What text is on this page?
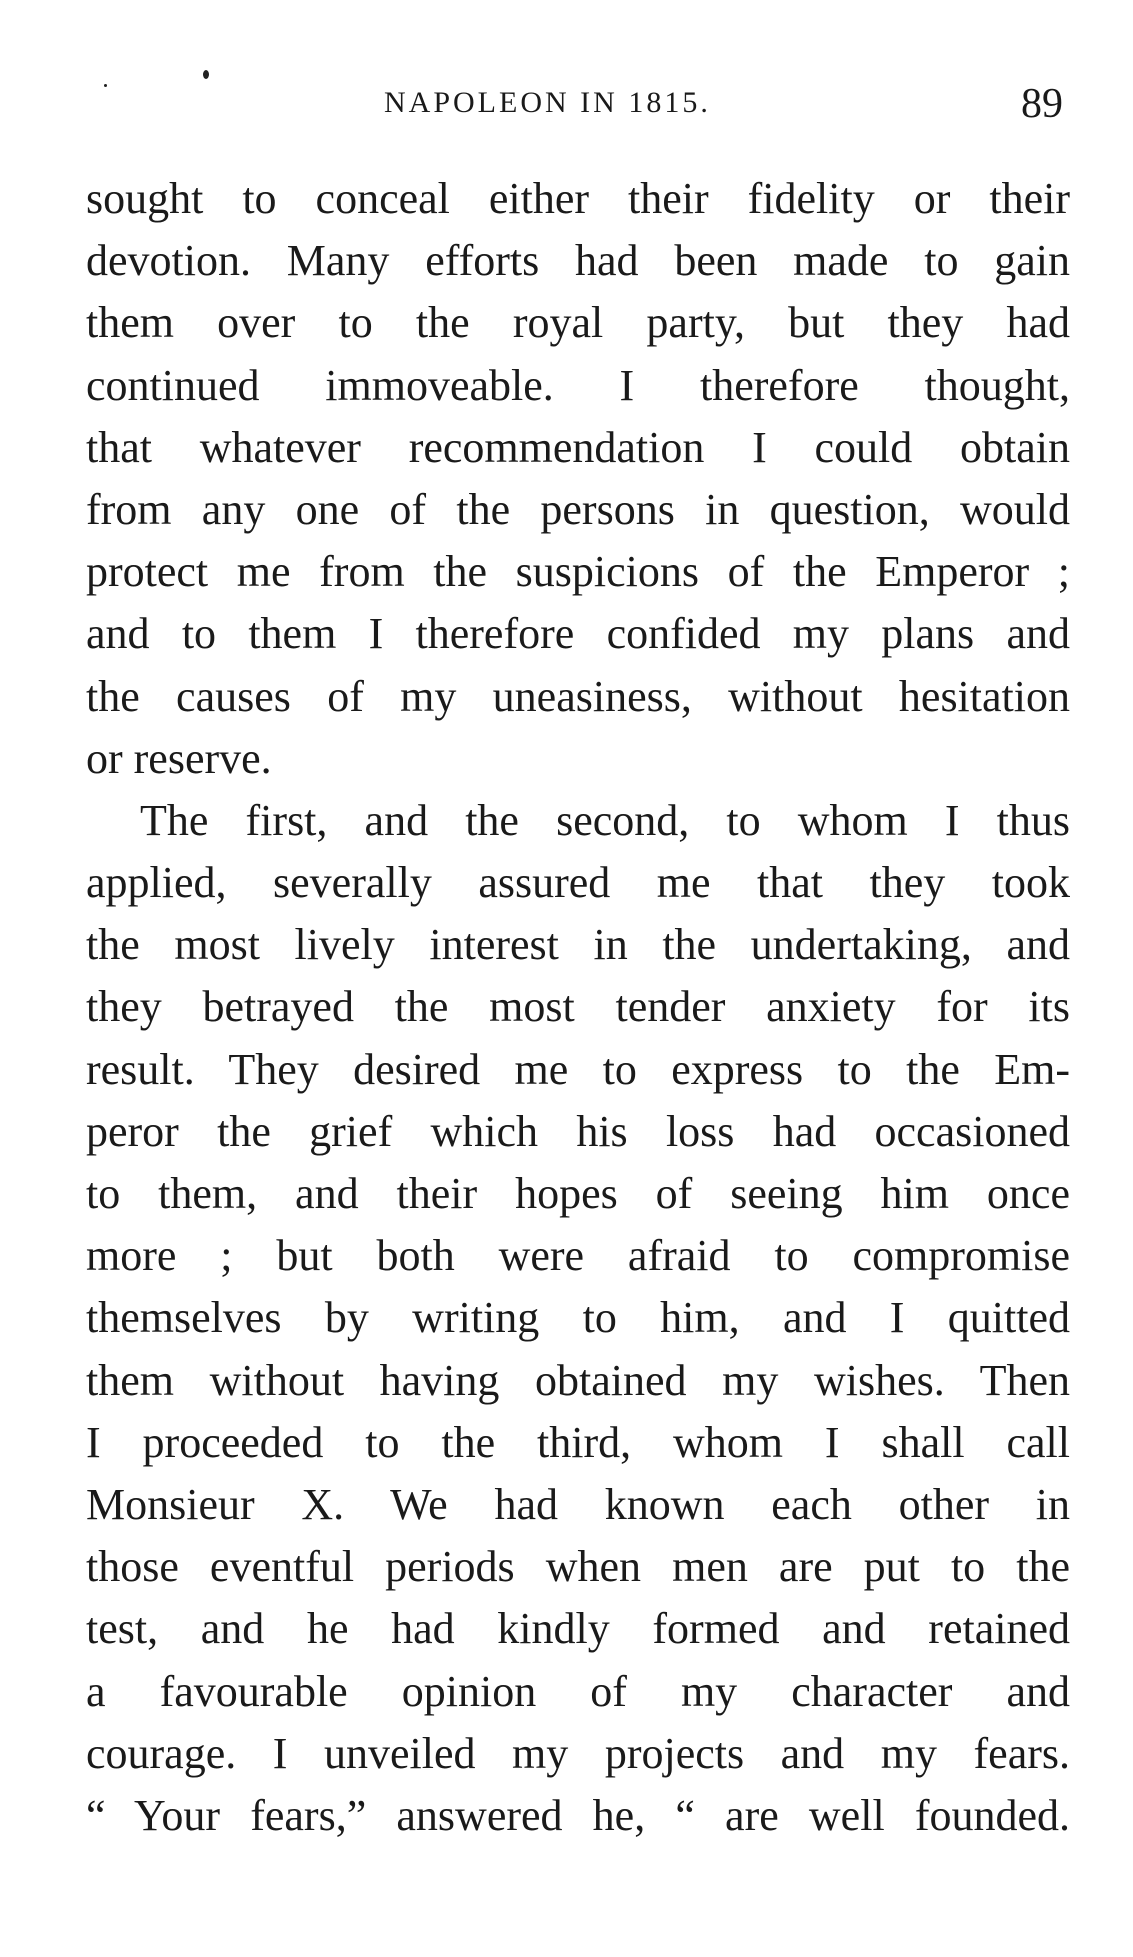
NAPOLEON IN 1815.	89
sought to conceal either their fidelity or their
devotion. Many efforts had been made to gain
them over to the royal party, but they had
continued immoveable. I therefore thought,
that whatever recommendation I could obtain
from any one of the persons in question, would
protect me from the suspicions of the Emperor ;
and to them I therefore confided my plans and
the causes of my uneasiness, without hesitation
or reserve.
The first, and the second, to whom I thus
applied, severally assured me that they took
the most lively interest in the undertaking, and
they betrayed the most tender anxiety for its
result. They desired me to express to the Em-
peror the grief which his loss had occasioned
to them, and their hopes of seeing him once
more ; but both were afraid to compromise
themselves by writing to him, and I quitted
them without having obtained my wishes. Then
I proceeded to the third, whom I shall call
Monsieur X. We had known each other in
those eventful periods when men are put to the
test, and he had kindly formed and retained
a favourable opinion of my character and
courage. I unveiled my projects and my fears.
“ Your fears,” answered he, “ are well founded.
